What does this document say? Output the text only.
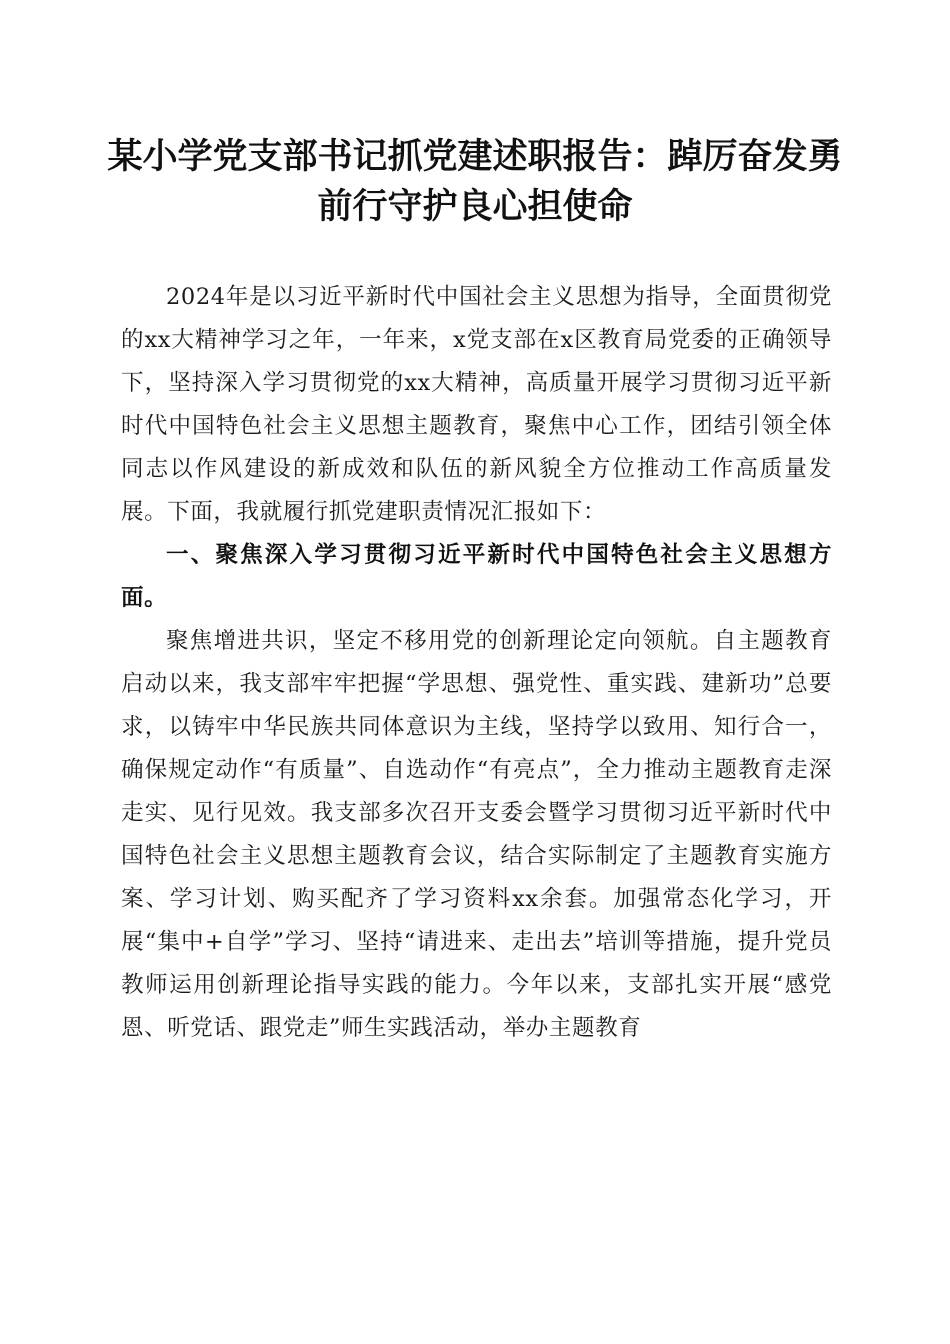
某小学党支部书记抓党建述职报告：踔厉奋发勇前行守护良心担使命

2024年是以习近平新时代中国社会主义思想为指导，全面贯彻党的xx大精神学习之年，一年来，x党支部在x区教育局党委的正确领导下，坚持深入学习贯彻党的xx大精神，高质量开展学习贯彻习近平新时代中国特色社会主义思想主题教育，聚焦中心工作，团结引领全体同志以作风建设的新成效和队伍的新风貌全方位推动工作高质量发展。下面，我就履行抓党建职责情况汇报如下：

一、聚焦深入学习贯彻习近平新时代中国特色社会主义思想方面。

聚焦增进共识，坚定不移用党的创新理论定向领航。自主题教育启动以来，我支部牢牢把握“学思想、强党性、重实践、建新功”总要求，以铸牢中华民族共同体意识为主线，坚持学以致用、知行合一，确保规定动作“有质量”、自选动作“有亮点”，全力推动主题教育走深走实、见行见效。我支部多次召开支委会暨学习贯彻习近平新时代中国特色社会主义思想主题教育会议，结合实际制定了主题教育实施方案、学习计划、购买配齐了学习资料xx余套。加强常态化学习，开展“集中+自学”学习、坚持“请进来、走出去”培训等措施，提升党员教师运用创新理论指导实践的能力。今年以来，支部扎实开展“感党恩、听党话、跟党走”师生实践活动，举办主题教育
